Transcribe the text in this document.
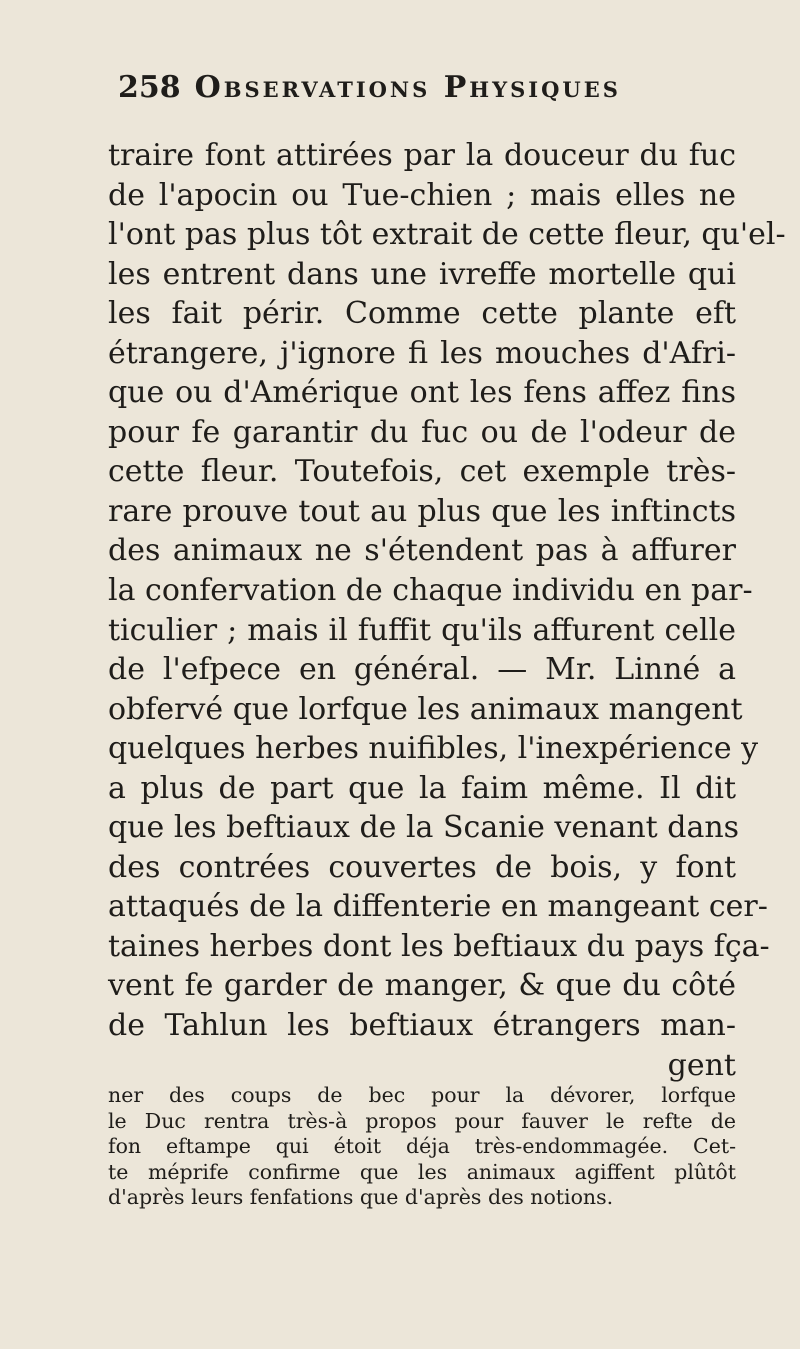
258 Observations Physiques
traire font attirées par la douceur du fuc
de l'apocin ou Tue-chien ; mais elles ne
l'ont pas plus tôt extrait de cette fleur, qu'el-
les entrent dans une ivreffe mortelle qui
les fait périr. Comme cette plante eft
étrangere, j'ignore fi les mouches d'Afri-
que ou d'Amérique ont les fens affez fins
pour fe garantir du fuc ou de l'odeur de
cette fleur. Toutefois, cet exemple très-
rare prouve tout au plus que les inftincts
des animaux ne s'étendent pas à affurer
la confervation de chaque individu en par-
ticulier ; mais il fuffit qu'ils affurent celle
de l'efpece en général. — Mr. Linné a
obfervé que lorfque les animaux mangent
quelques herbes nuifibles, l'inexpérience y
a plus de part que la faim même. Il dit
que les beftiaux de la Scanie venant dans
des contrées couvertes de bois, y font
attaqués de la diffenterie en mangeant cer-
taines herbes dont les beftiaux du pays fça-
vent fe garder de manger, & que du côté
de Tahlun les beftiaux étrangers man-
gent
ner des coups de bec pour la dévorer, lorfque
le Duc rentra très-à propos pour fauver le refte de
fon eftampe qui étoit déja très-endommagée. Cet-
te méprife confirme que les animaux agiffent plûtôt
d'après leurs fenfations que d'après des notions.
